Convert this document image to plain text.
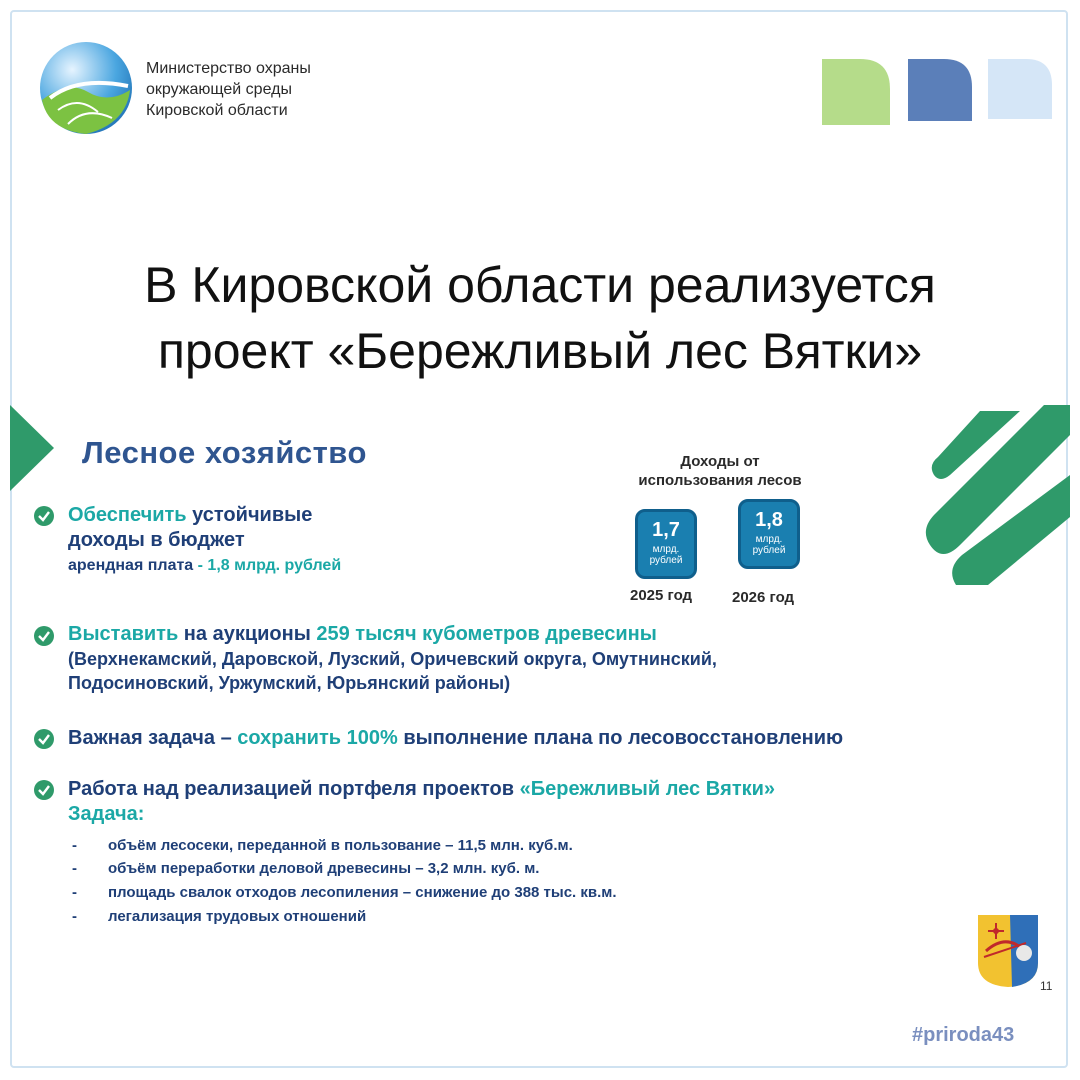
Министерство охраны
окружающей среды
Кировской области
В Кировской области реализуется
проект «Бережливый лес Вятки»
Лесное хозяйство	Доходы от
использования лесов
1,7
млрд.
рублей
2025 год
1,8
млрд.
рублей
2026 год
Обеспечить устойчивые
доходы в бюджет
арендная плата - 1,8 млрд. рублей
Выставить на аукционы 259 тысяч кубометров древесины
(Верхнекамский, Даровской, Лузский, Оричевский округа, Омутнинский,
Подосиновский, Уржумский, Юрьянский районы)
Важная задача – сохранить 100% выполнение плана по лесовосстановлению
Работа над реализацией портфеля проектов «Бережливый лес Вятки»
Задача:
- объём лесосеки, переданной в пользование – 11,5 млн. куб.м.
- объём переработки деловой древесины – 3,2 млн. куб. м.
- площадь свалок отходов лесопиления – снижение до 388 тыс. кв.м.
- легализация трудовых отношений
11
#priroda43
